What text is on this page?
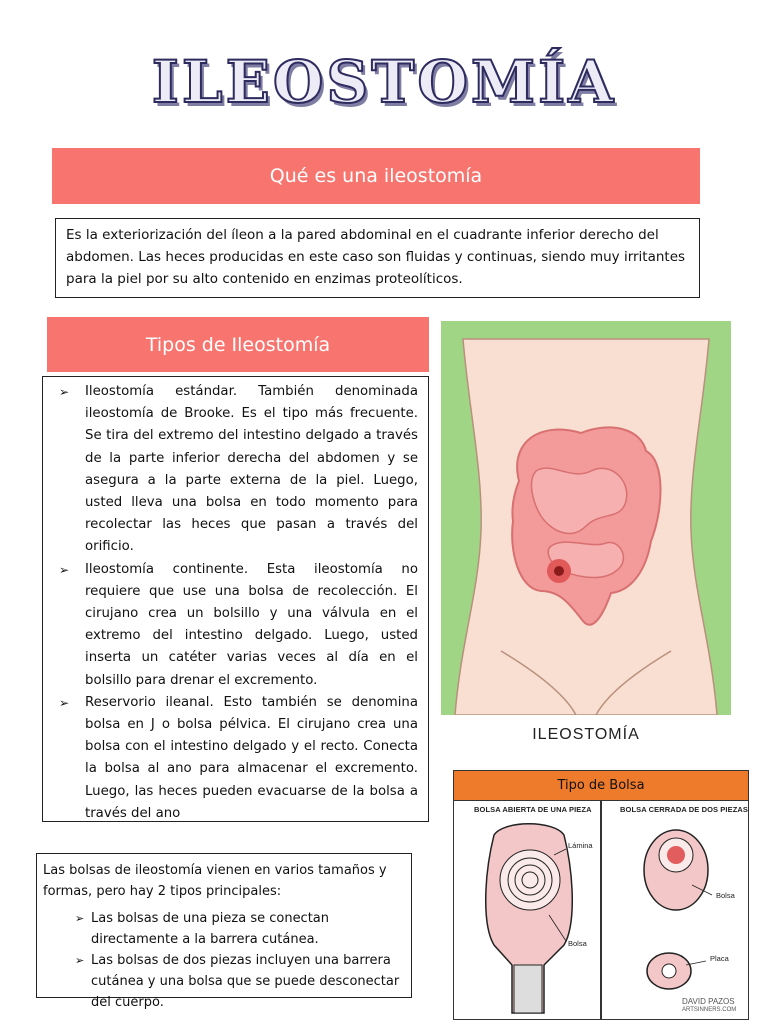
ILEOSTOMÍA
Qué es una ileostomía
Es la exteriorización del íleon a la pared abdominal en el cuadrante inferior derecho del abdomen. Las heces producidas en este caso son fluidas y continuas, siendo muy irritantes para la piel por su alto contenido en enzimas proteolíticos.
Tipos de Ileostomía
➢ Ileostomía estándar. También denominada ileostomía de Brooke. Es el tipo más frecuente. Se tira del extremo del intestino delgado a través de la parte inferior derecha del abdomen y se asegura a la parte externa de la piel. Luego, usted lleva una bolsa en todo momento para recolectar las heces que pasan a través del orificio.
➢ Ileostomía continente. Esta ileostomía no requiere que use una bolsa de recolección. El cirujano crea un bolsillo y una válvula en el extremo del intestino delgado. Luego, usted inserta un catéter varias veces al día en el bolsillo para drenar el excremento.
➢ Reservorio ileanal. Esto también se denomina bolsa en J o bolsa pélvica. El cirujano crea una bolsa con el intestino delgado y el recto. Conecta la bolsa al ano para almacenar el excremento. Luego, las heces pueden evacuarse de la bolsa a través del ano
ILEOSTOMÍA
Las bolsas de ileostomía vienen en varios tamaños y formas, pero hay 2 tipos principales:
➢ Las bolsas de una pieza se conectan directamente a la barrera cutánea.
➢ Las bolsas de dos piezas incluyen una barrera cutánea y una bolsa que se puede desconectar del cuerpo.
Tipo de Bolsa
BOLSA ABIERTA DE UNA PIEZA	BOLSA CERRADA DE DOS PIEZAS
Lámina
Bolsa
Bolsa
Placa
DAVID PAZOS
ARTSINNERS.COM
